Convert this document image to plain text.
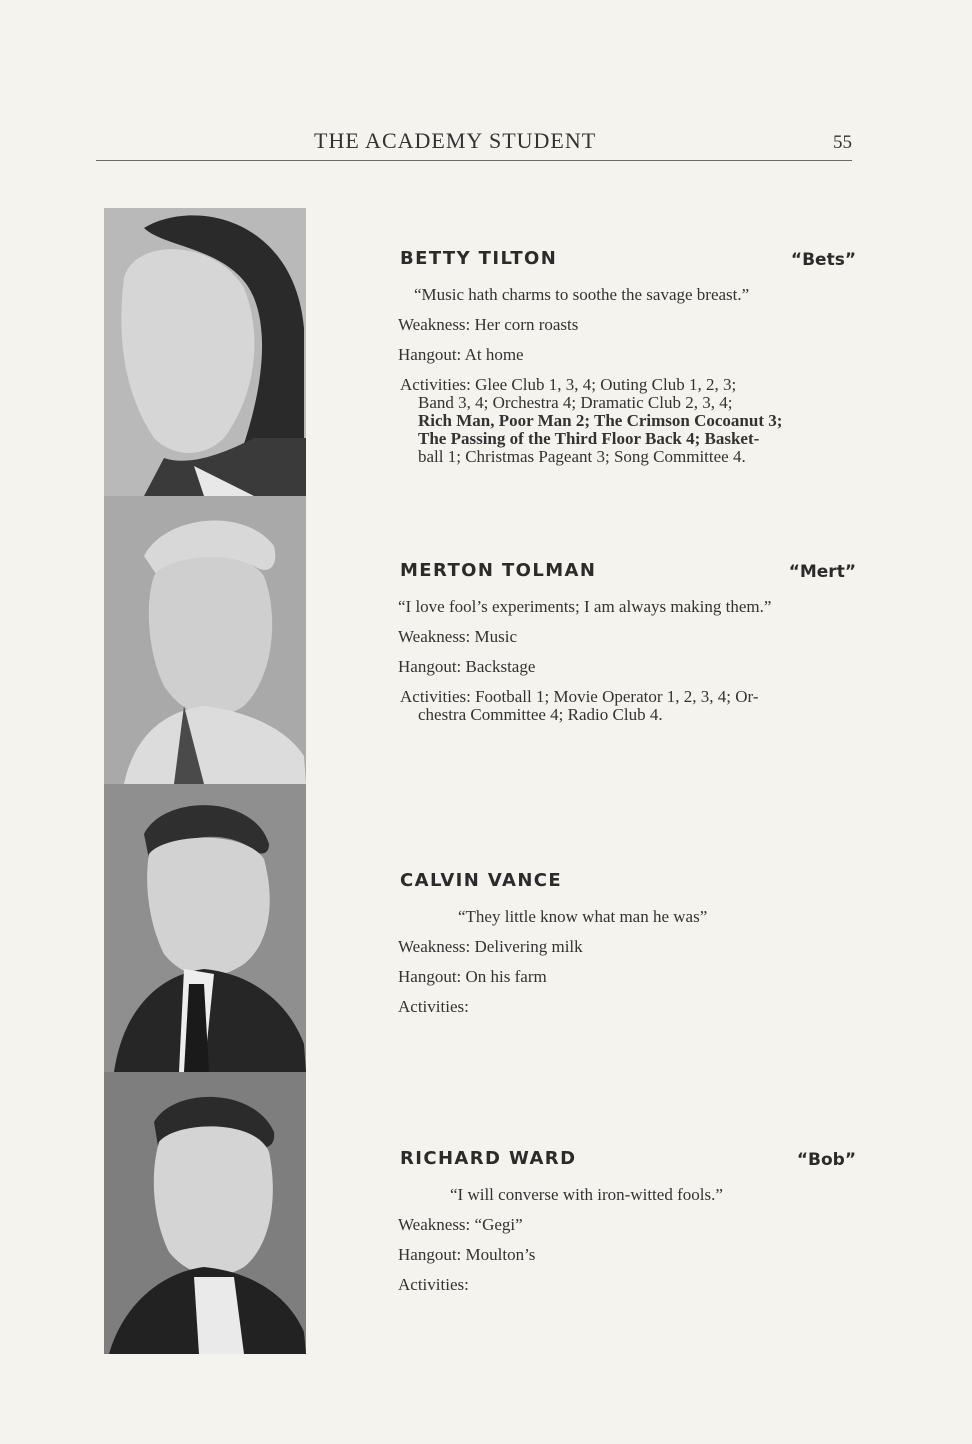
THE ACADEMY STUDENT	55
BETTY TILTON	“Bets”
“Music hath charms to soothe the savage breast.”
Weakness: Her corn roasts
Hangout: At home
Activities: Glee Club 1, 3, 4; Outing Club 1, 2, 3;
Band 3, 4; Orchestra 4; Dramatic Club 2, 3, 4;
Rich Man, Poor Man 2; The Crimson Cocoanut 3;
The Passing of the Third Floor Back 4; Basket-
ball 1; Christmas Pageant 3; Song Committee 4.
MERTON TOLMAN	“Mert”
“I love fool’s experiments; I am always making them.”
Weakness: Music
Hangout: Backstage
Activities: Football 1; Movie Operator 1, 2, 3, 4; Or-
chestra Committee 4; Radio Club 4.
CALVIN VANCE
“They little know what man he was”
Weakness: Delivering milk
Hangout: On his farm
Activities:
RICHARD WARD	“Bob”
“I will converse with iron-witted fools.”
Weakness: “Gegi”
Hangout: Moulton’s
Activities:
